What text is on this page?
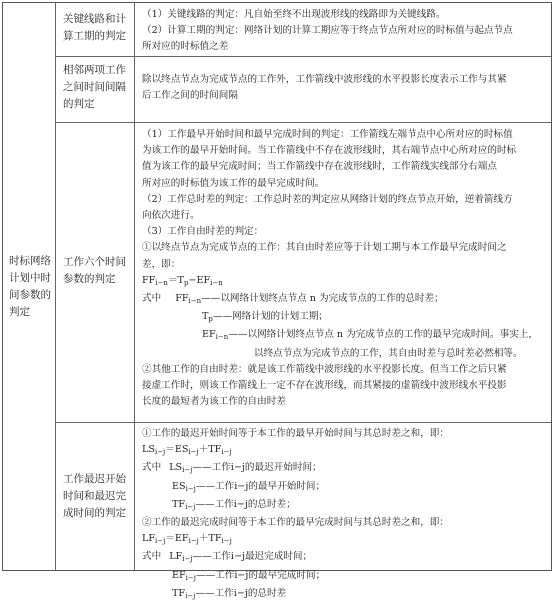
时标网络
计划中时
间参数的
判定
关键线路和计
算工期的判定
（1）关键线路的判定：凡自始至终不出现波形线的线路即为关键线路。
（2）计算工期的判定：网络计划的计算工期应等于终点节点所对应的时标值与起点节点
所对应的时标值之差
相邻两项工作
之间时间间隔
的判定
除以终点节点为完成节点的工作外，工作箭线中波形线的水平投影长度表示工作与其紧
后工作之间的时间间隔
工作六个时间
参数的判定
（1）工作最早开始时间和最早完成时间的判定：工作箭线左端节点中心所对应的时标值
为该工作的最早开始时间。当工作箭线中不存在波形线时，其右端节点中心所对应的时标
值为该工作的最早完成时间；当工作箭线中存在波形线时，工作箭线实线部分右端点
所对应的时标值为该工作的最早完成时间。
（2）工作总时差的判定：工作总时差的判定应从网络计划的终点节点开始，逆着箭线方
向依次进行。
（3）工作自由时差的判定：
①以终点节点为完成节点的工作：其自由时差应等于计划工期与本工作最早完成时间之
差，即：
$FF_{i-n}=T_p-EF_{i-n}$
式中 $FF_{i-n}——$以网络计划终点节点 n 为完成节点的工作的总时差；
$T_p——$网络计划的计划工期；
$EF_{i-n}——$以网络计划终点节点 n 为完成节点的工作的最早完成时间。事实上，
以终点节点为完成节点的工作，其自由时差与总时差必然相等。
②其他工作的自由时差：就是该工作箭线中波形线的水平投影长度。但当工作之后只紧
接虚工作时，则该工作箭线上一定不存在波形线，而其紧接的虚箭线中波形线水平投影
长度的最短者为该工作的自由时差
工作最迟开始
时间和最迟完
成时间的判定
①工作的最迟开始时间等于本工作的最早开始时间与其总时差之和，即：
$LS_{i-j}=ES_{i-j}+TF_{i-j}$
式中 $LS_{i-j}——$工作i−j的最迟开始时间；
$ES_{i-j}——$工作i−j的最早开始时间；
$TF_{i-j}——$工作i−j的总时差；
②工作的最迟完成时间等于本工作的最早完成时间与其总时差之和，即：
$LF_{i-j}=EF_{i-j}+TF_{i-j}$
式中 $LF_{i-j}——$工作i−j最迟完成时间；
$EF_{i-j}——$工作i−j的最早完成时间；
$TF_{i-j}——$工作i−j的总时差
